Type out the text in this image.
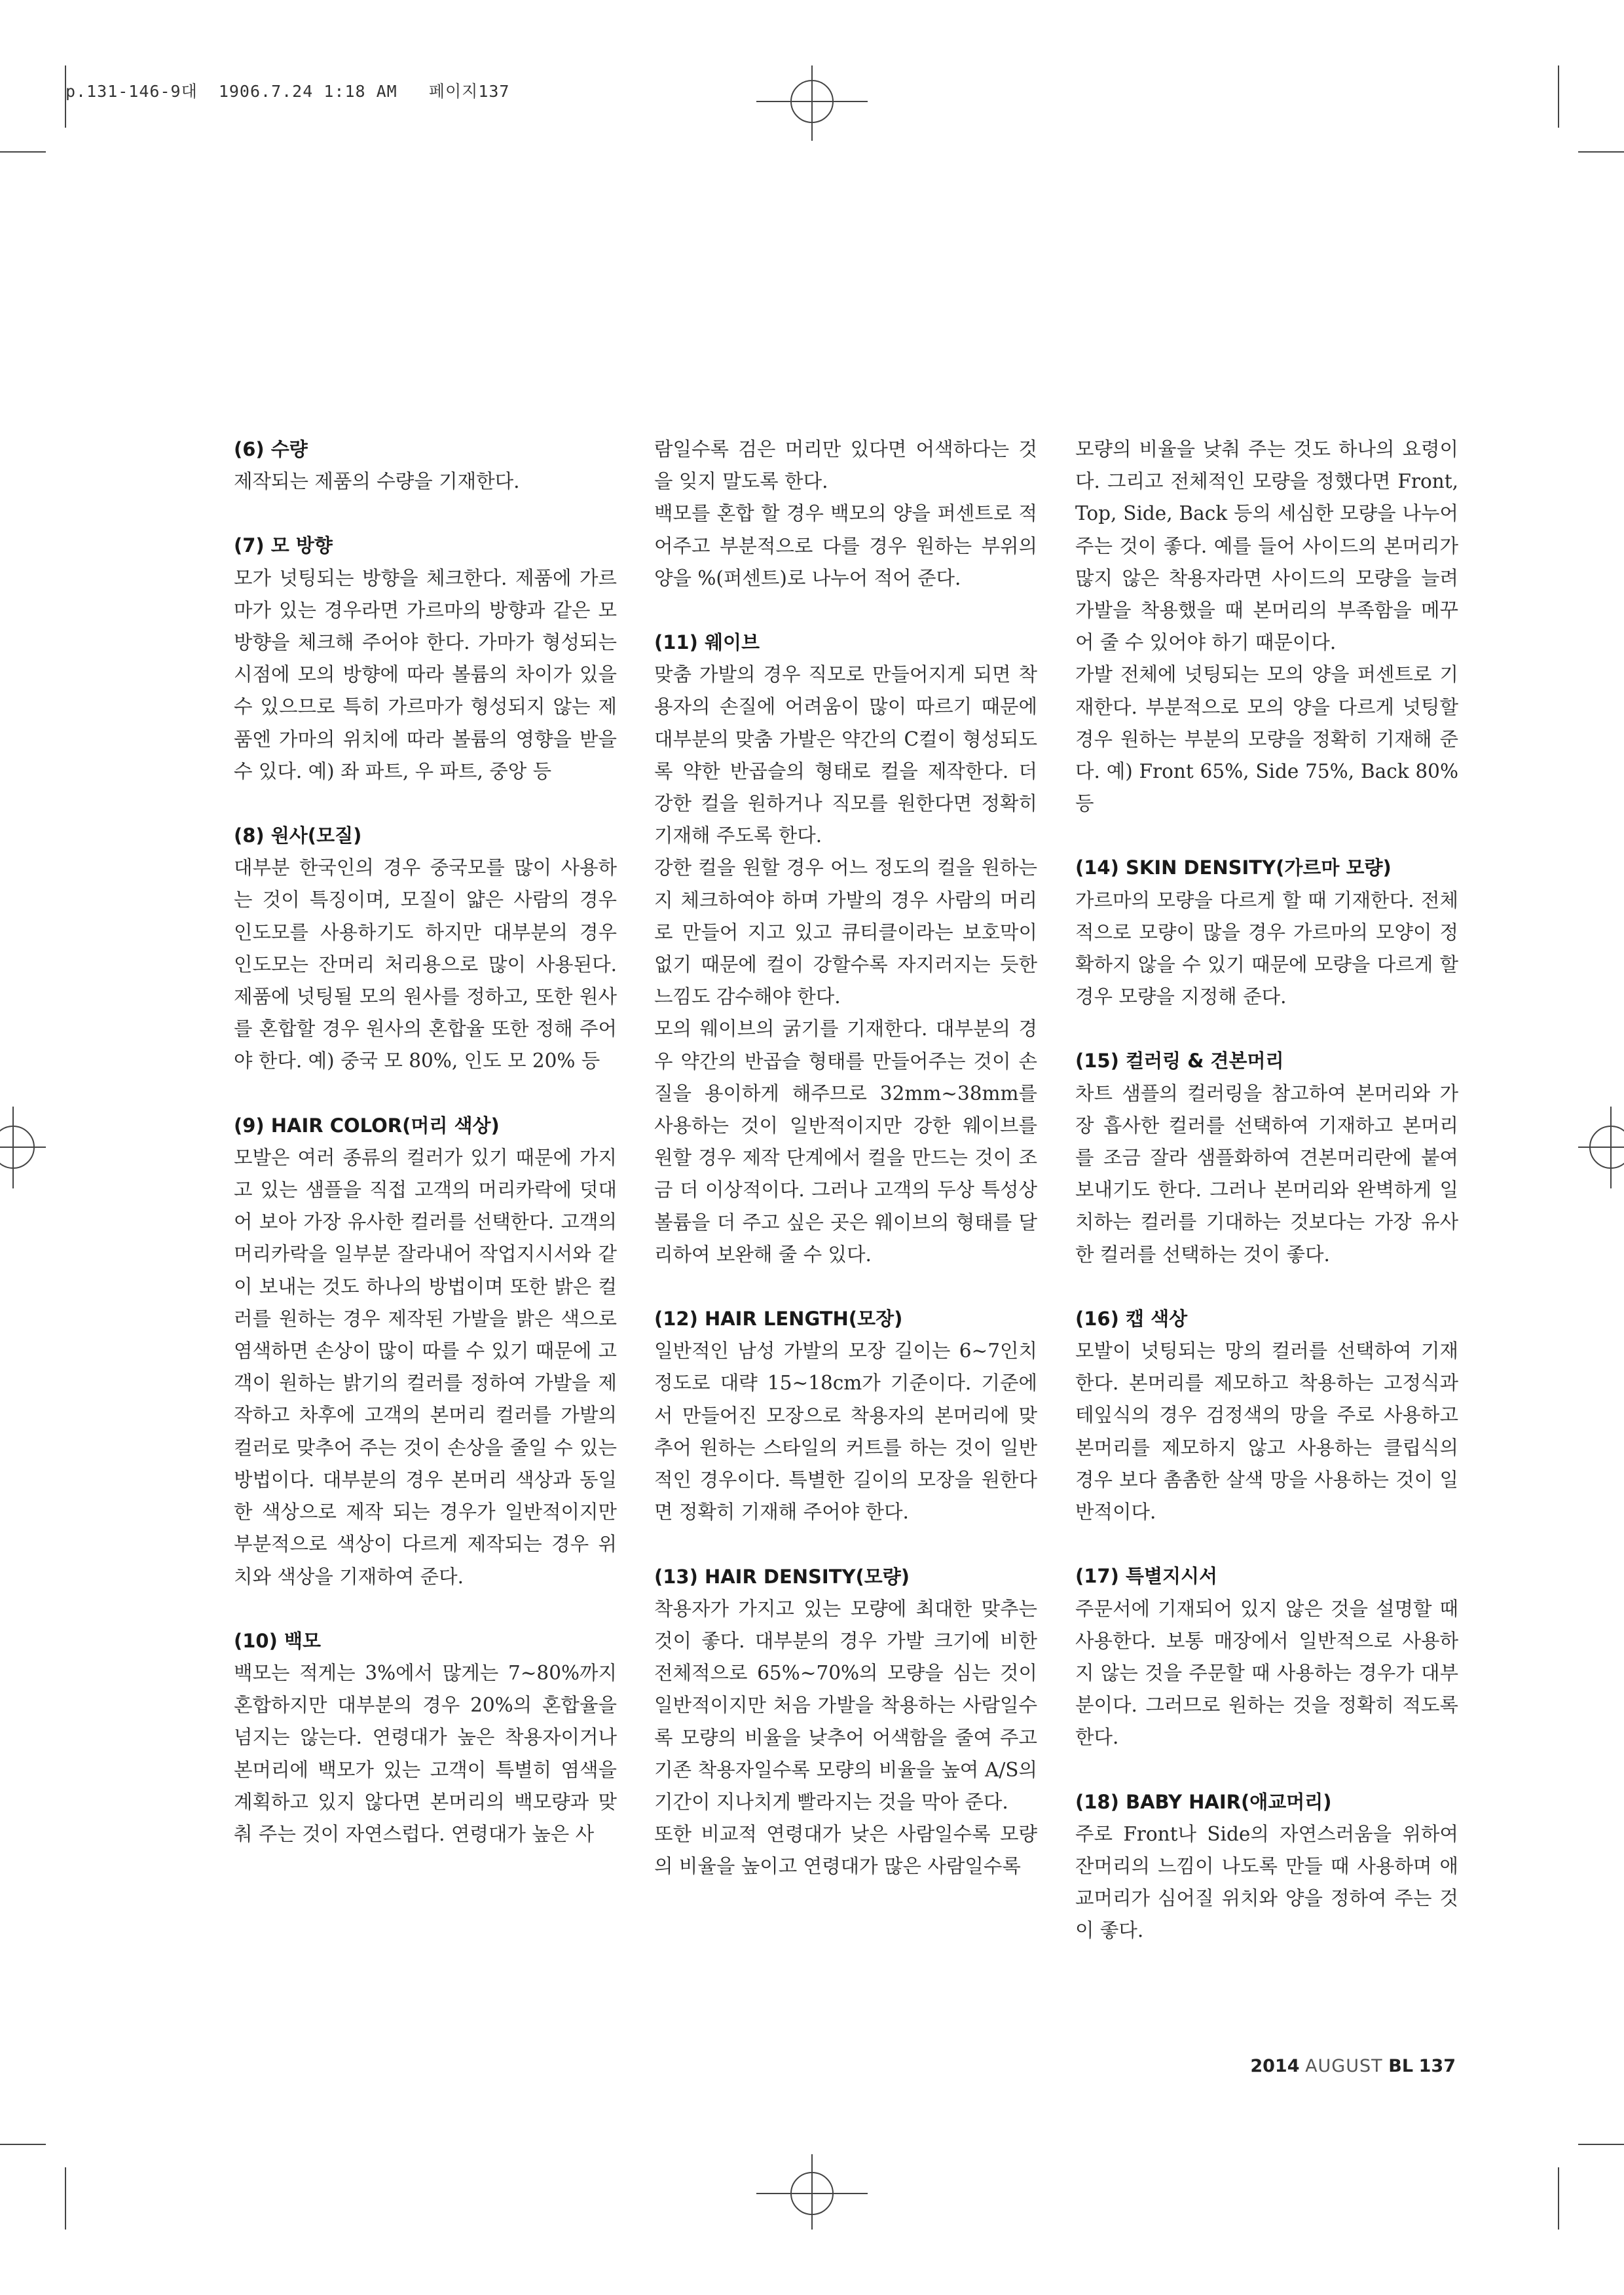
p.131-146-9대 1906.7.24 1:18 AM 페이지137
(6) 수량

제작되는 제품의 수량을 기재한다.

(7) 모 방향

모가 넛팅되는 방향을 체크한다. 제품에 가르마가 있는 경우라면 가르마의 방향과 같은 모 방향을 체크해 주어야 한다. 가마가 형성되는 시점에 모의 방향에 따라 볼륨의 차이가 있을 수 있으므로 특히 가르마가 형성되지 않는 제품엔 가마의 위치에 따라 볼륨의 영향을 받을 수 있다. 예) 좌 파트, 우 파트, 중앙 등

(8) 원사(모질)

대부분 한국인의 경우 중국모를 많이 사용하는 것이 특징이며, 모질이 얇은 사람의 경우 인도모를 사용하기도 하지만 대부분의 경우 인도모는 잔머리 처리용으로 많이 사용된다. 제품에 넛팅될 모의 원사를 정하고, 또한 원사를 혼합할 경우 원사의 혼합율 또한 정해 주어야 한다. 예) 중국 모 80%, 인도 모 20% 등

(9) HAIR COLOR(머리 색상)

모발은 여러 종류의 컬러가 있기 때문에 가지고 있는 샘플을 직접 고객의 머리카락에 덧대어 보아 가장 유사한 컬러를 선택한다. 고객의 머리카락을 일부분 잘라내어 작업지시서와 같이 보내는 것도 하나의 방법이며 또한 밝은 컬러를 원하는 경우 제작된 가발을 밝은 색으로 염색하면 손상이 많이 따를 수 있기 때문에 고객이 원하는 밝기의 컬러를 정하여 가발을 제작하고 차후에 고객의 본머리 컬러를 가발의 컬러로 맞추어 주는 것이 손상을 줄일 수 있는 방법이다. 대부분의 경우 본머리 색상과 동일한 색상으로 제작 되는 경우가 일반적이지만 부분적으로 색상이 다르게 제작되는 경우 위치와 색상을 기재하여 준다.

(10) 백모

백모는 적게는 3%에서 많게는 7~80%까지 혼합하지만 대부분의 경우 20%의 혼합율을 넘지는 않는다. 연령대가 높은 착용자이거나 본머리에 백모가 있는 고객이 특별히 염색을 계획하고 있지 않다면 본머리의 백모량과 맞춰 주는 것이 자연스럽다. 연령대가 높은 사

람일수록 검은 머리만 있다면 어색하다는 것을 잊지 말도록 한다.

백모를 혼합 할 경우 백모의 양을 퍼센트로 적어주고 부분적으로 다를 경우 원하는 부위의 양을 %(퍼센트)로 나누어 적어 준다.

(11) 웨이브

맞춤 가발의 경우 직모로 만들어지게 되면 착용자의 손질에 어려움이 많이 따르기 때문에 대부분의 맞춤 가발은 약간의 C컬이 형성되도록 약한 반곱슬의 형태로 컬을 제작한다. 더 강한 컬을 원하거나 직모를 원한다면 정확히 기재해 주도록 한다.

강한 컬을 원할 경우 어느 정도의 컬을 원하는지 체크하여야 하며 가발의 경우 사람의 머리로 만들어 지고 있고 큐티클이라는 보호막이 없기 때문에 컬이 강할수록 자지러지는 듯한 느낌도 감수해야 한다.

모의 웨이브의 굵기를 기재한다. 대부분의 경우 약간의 반곱슬 형태를 만들어주는 것이 손질을 용이하게 해주므로 32mm~38mm를 사용하는 것이 일반적이지만 강한 웨이브를 원할 경우 제작 단계에서 컬을 만드는 것이 조금 더 이상적이다. 그러나 고객의 두상 특성상 볼륨을 더 주고 싶은 곳은 웨이브의 형태를 달리하여 보완해 줄 수 있다.

(12) HAIR LENGTH(모장)

일반적인 남성 가발의 모장 길이는 6~7인치 정도로 대략 15~18cm가 기준이다. 기준에서 만들어진 모장으로 착용자의 본머리에 맞추어 원하는 스타일의 커트를 하는 것이 일반적인 경우이다. 특별한 길이의 모장을 원한다면 정확히 기재해 주어야 한다.

(13) HAIR DENSITY(모량)

착용자가 가지고 있는 모량에 최대한 맞추는 것이 좋다. 대부분의 경우 가발 크기에 비한 전체적으로 65%~70%의 모량을 심는 것이 일반적이지만 처음 가발을 착용하는 사람일수록 모량의 비율을 낮추어 어색함을 줄여 주고 기존 착용자일수록 모량의 비율을 높여 A/S의 기간이 지나치게 빨라지는 것을 막아 준다.

또한 비교적 연령대가 낮은 사람일수록 모량의 비율을 높이고 연령대가 많은 사람일수록

모량의 비율을 낮춰 주는 것도 하나의 요령이다. 그리고 전체적인 모량을 정했다면 Front, Top, Side, Back 등의 세심한 모량을 나누어 주는 것이 좋다. 예를 들어 사이드의 본머리가 많지 않은 착용자라면 사이드의 모량을 늘려 가발을 착용했을 때 본머리의 부족함을 메꾸어 줄 수 있어야 하기 때문이다.

가발 전체에 넛팅되는 모의 양을 퍼센트로 기재한다. 부분적으로 모의 양을 다르게 넛팅할 경우 원하는 부분의 모량을 정확히 기재해 준다. 예) Front 65%, Side 75%, Back 80% 등

(14) SKIN DENSITY(가르마 모량)

가르마의 모량을 다르게 할 때 기재한다. 전체적으로 모량이 많을 경우 가르마의 모양이 정확하지 않을 수 있기 때문에 모량을 다르게 할 경우 모량을 지정해 준다.

(15) 컬러링 & 견본머리

차트 샘플의 컬러링을 참고하여 본머리와 가장 흡사한 컬러를 선택하여 기재하고 본머리를 조금 잘라 샘플화하여 견본머리란에 붙여 보내기도 한다. 그러나 본머리와 완벽하게 일치하는 컬러를 기대하는 것보다는 가장 유사한 컬러를 선택하는 것이 좋다.

(16) 캡 색상

모발이 넛팅되는 망의 컬러를 선택하여 기재한다. 본머리를 제모하고 착용하는 고정식과 테잎식의 경우 검정색의 망을 주로 사용하고 본머리를 제모하지 않고 사용하는 클립식의 경우 보다 촘촘한 살색 망을 사용하는 것이 일반적이다.

(17) 특별지시서

주문서에 기재되어 있지 않은 것을 설명할 때 사용한다. 보통 매장에서 일반적으로 사용하지 않는 것을 주문할 때 사용하는 경우가 대부분이다. 그러므로 원하는 것을 정확히 적도록 한다.

(18) BABY HAIR(애교머리)

주로 Front나 Side의 자연스러움을 위하여 잔머리의 느낌이 나도록 만들 때 사용하며 애교머리가 심어질 위치와 양을 정하여 주는 것이 좋다.

2014 AUGUST BL 137
